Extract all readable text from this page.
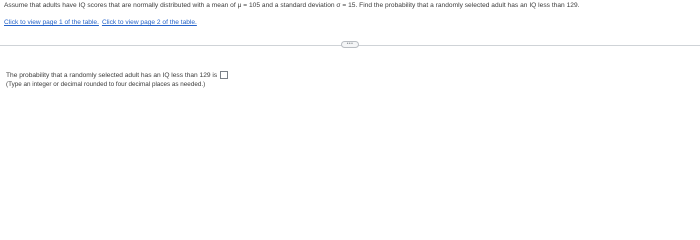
Assume that adults have IQ scores that are normally distributed with a mean of μ = 105 and a standard deviation σ = 15. Find the probability that a randomly selected adult has an IQ less than 129.
Click to view page 1 of the table. Click to view page 2 of the table.
•••
The probability that a randomly selected adult has an IQ less than 129 is
(Type an integer or decimal rounded to four decimal places as needed.)
